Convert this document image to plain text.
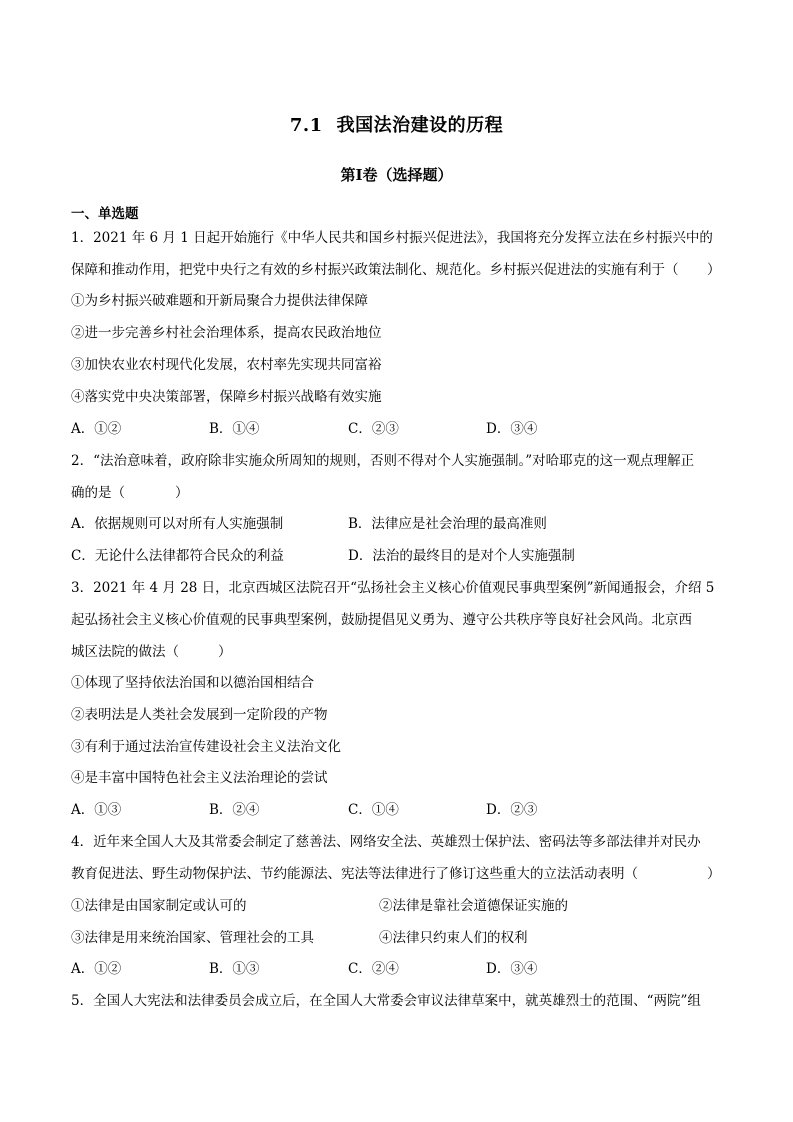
7.1 我国法治建设的历程
第Ⅰ卷（选择题）
一、单选题
1．2021 年 6 月 1 日起开始施行《中华人民共和国乡村振兴促进法》，我国将充分发挥立法在乡村振兴中的
保障和推动作用，把党中央行之有效的乡村振兴政策法制化、规范化。乡村振兴促进法的实施有利于（ ）
①为乡村振兴破难题和开新局聚合力提供法律保障
②进一步完善乡村社会治理体系，提高农民政治地位
③加快农业农村现代化发展，农村率先实现共同富裕
④落实党中央决策部署，保障乡村振兴战略有效实施
A．①②	B．①④	C．②③	D．③④
2．“法治意味着，政府除非实施众所周知的规则，否则不得对个人实施强制。”对哈耶克的这一观点理解正
确的是（	）
A．依据规则可以对所有人实施强制	B．法律应是社会治理的最高准则
C．无论什么法律都符合民众的利益	D．法治的最终目的是对个人实施强制
3．2021 年 4 月 28 日，北京西城区法院召开“弘扬社会主义核心价值观民事典型案例”新闻通报会，介绍 5
起弘扬社会主义核心价值观的民事典型案例，鼓励提倡见义勇为、遵守公共秩序等良好社会风尚。北京西
城区法院的做法（	）
①体现了坚持依法治国和以德治国相结合
②表明法是人类社会发展到一定阶段的产物
③有利于通过法治宣传建设社会主义法治文化
④是丰富中国特色社会主义法治理论的尝试
A．①③	B．②④	C．①④	D．②③
4．近年来全国人大及其常委会制定了慈善法、网络安全法、英雄烈士保护法、密码法等多部法律并对民办
教育促进法、野生动物保护法、节约能源法、宪法等法律进行了修订这些重大的立法活动表明（	）
①法律是由国家制定或认可的	②法律是靠社会道德保证实施的
③法律是用来统治国家、管理社会的工具	④法律只约束人们的权利
A．①②	B．①③	C．②④	D．③④
5．全国人大宪法和法律委员会成立后，在全国人大常委会审议法律草案中，就英雄烈士的范围、“两院”组
